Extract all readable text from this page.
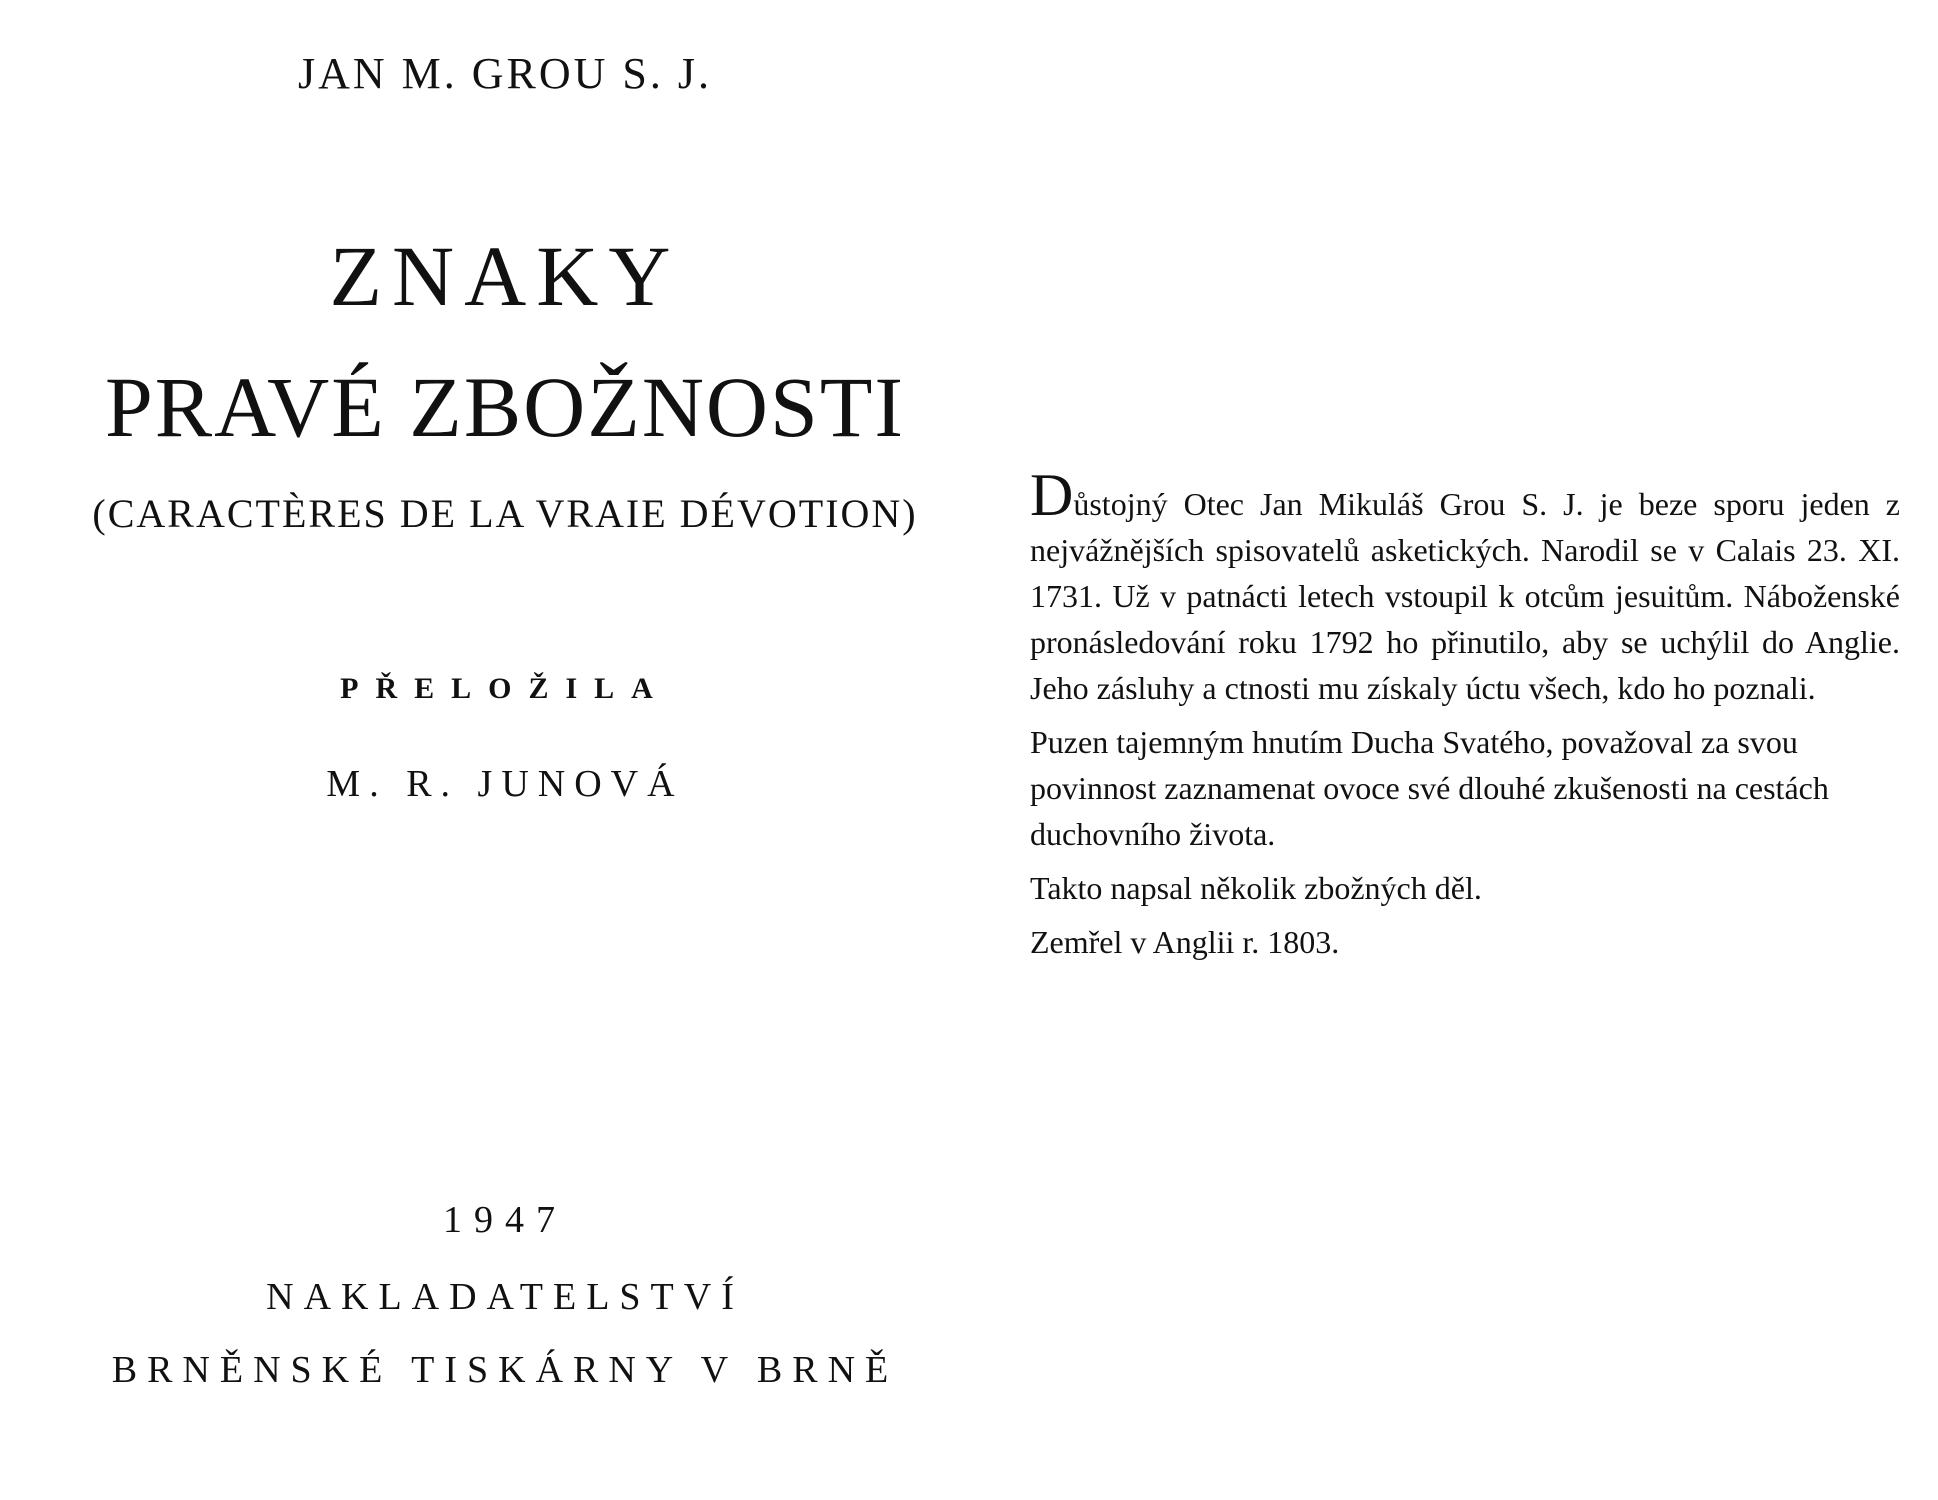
JAN M. GROU S. J.
ZNAKY
PRAVÉ ZBOŽNOSTI
(CARACTÈRES DE LA VRAIE DÉVOTION)
PŘELOŽILA
M. R. JUNOVÁ
1947
NAKLADATELSTVÍ
BRNĚNSKÉ TISKÁRNY V BRNĚ

Důstojný Otec Jan Mikuláš Grou S. J. je beze sporu jeden z nejvážnějších spisovatelů asketických. Narodil se v Calais 23. XI. 1731. Už v patnácti letech vstoupil k otcům jesuitům. Náboženské pronásledování roku 1792 ho přinutilo, aby se uchýlil do Anglie. Jeho zásluhy a ctnosti mu získaly úctu všech, kdo ho poznali.

Puzen tajemným hnutím Ducha Svatého, považoval za svou povinnost zaznamenat ovoce své dlouhé zkušenosti na cestách duchovního života.

Takto napsal několik zbožných děl.

Zemřel v Anglii r. 1803.
